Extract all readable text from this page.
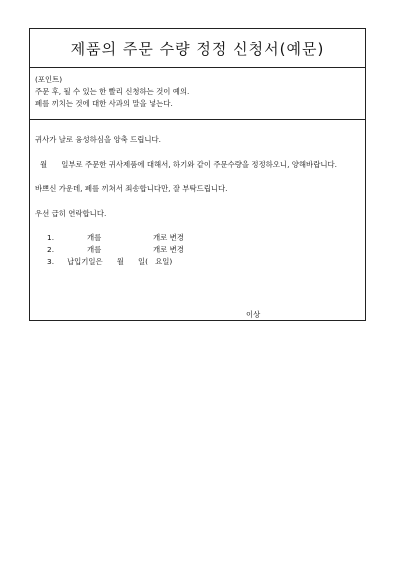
제품의 주문 수량 정정 신청서(예문)
(포인트)
주문 후, 될 수 있는 한 빨리 신청하는 것이 예의.
폐를 끼치는 것에 대한 사과의 말을 넣는다.
귀사가 날로 융성하심을 앙축 드립니다.
월      일부로 주문한 귀사제품에 대해서, 하기와 같이 주문수량을 정정하오니, 양해바랍니다.
바쁘신 가운데, 폐를 끼쳐서 죄송합니다만, 잘 부탁드립니다.
우선 급히 연락합니다.
1.	개를	개로 변경
2.	개를	개로 변경
3. 납입기일은      월      일(   요일)
이상
